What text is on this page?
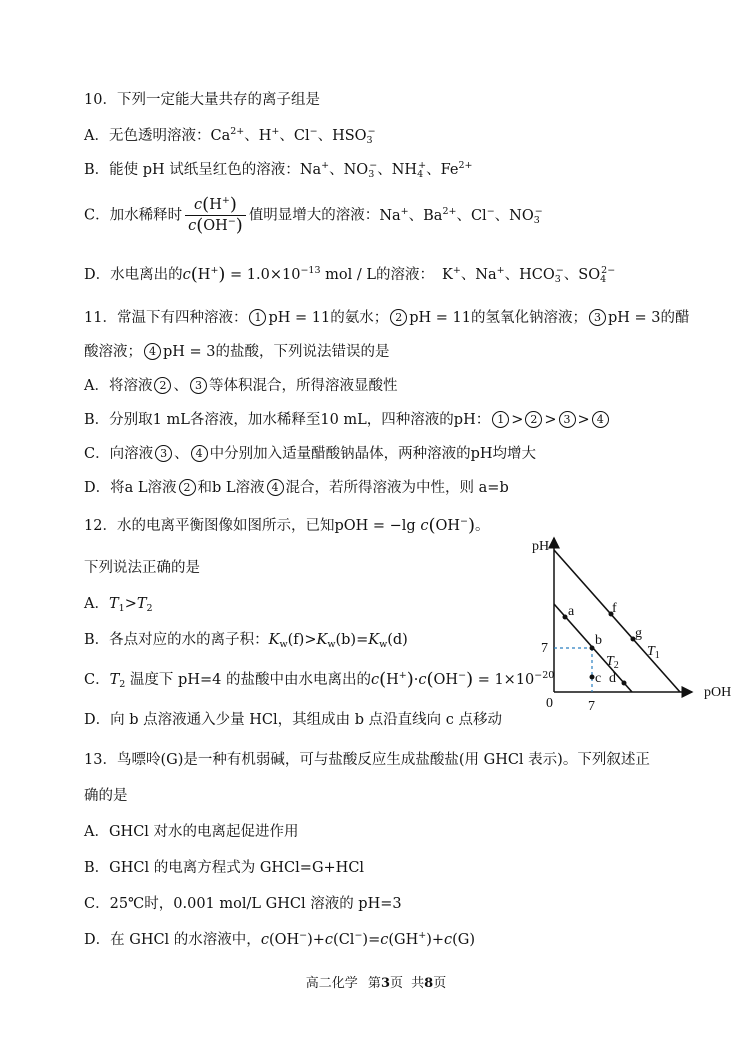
10．下列一定能大量共存的离子组是
A．无色透明溶液：$Ca^{2+}$、H+、Cl−、$HSO_3^-$
B．能使 pH 试纸呈红色的溶液：Na+、$NO_3^-$、$NH_4^+$、$Fe^{2+}$
C．加水稀释时 $\frac{c(H^+)}{c(OH^-)}$ 值明显增大的溶液：Na+、$Ba^{2+}$、Cl−、$NO_3^-$
D．水电离出的$c(H^+) = 1.0\times 10^{-13}$ mol / L的溶液： K+、Na+、$HCO_3^-$、$SO_4^{2-}$
11．常温下有四种溶液： 1 pH = 11的氨水； 2 pH = 11的氢氧化钠溶液； 3 pH = 3的醋
酸溶液； 4 pH = 3的盐酸，下列说法错误的是
A．将溶液 2 、 3 等体积混合，所得溶液显酸性
B．分别取1 mL各溶液，加水稀释至10 mL，四种溶液的pH： 1 > 2 > 3 > 4
C．向溶液 3 、 4 中分别加入适量醋酸钠晶体，两种溶液的pH均增大
D．将a L溶液 2 和b L溶液 4 混合，若所得溶液为中性，则 a=b
12．水的电离平衡图像如图所示，已知pOH = −lg c(OH−)。
下列说法正确的是
A．$T_1>T_2$
B．各点对应的水的离子积：$K_w(f)>K_w(b)=K_w(d)$
C．$T_2$ 温度下 pH=4 的盐酸中由水电离出的$c(H^+)\cdot c(OH^-) = 1\times 10^{-20}$
D．向 b 点溶液通入少量 HCl，其组成由 b 点沿直线向 c 点移动
pH
pOH
0	7
7
a
b
c d
f
g
$T_1$
$T_2$
13．鸟嘌呤(G)是一种有机弱碱，可与盐酸反应生成盐酸盐(用 GHCl 表示)。下列叙述正
确的是
A．GHCl 对水的电离起促进作用
B．GHCl 的电离方程式为 GHCl=G+HCl
C．25℃时，0.001 mol/L GHCl 溶液的 pH=3
D．在 GHCl 的水溶液中，c(OH−)+c(Cl−)=c(GH+)+c(G)
高二化学 第3页 共8页
